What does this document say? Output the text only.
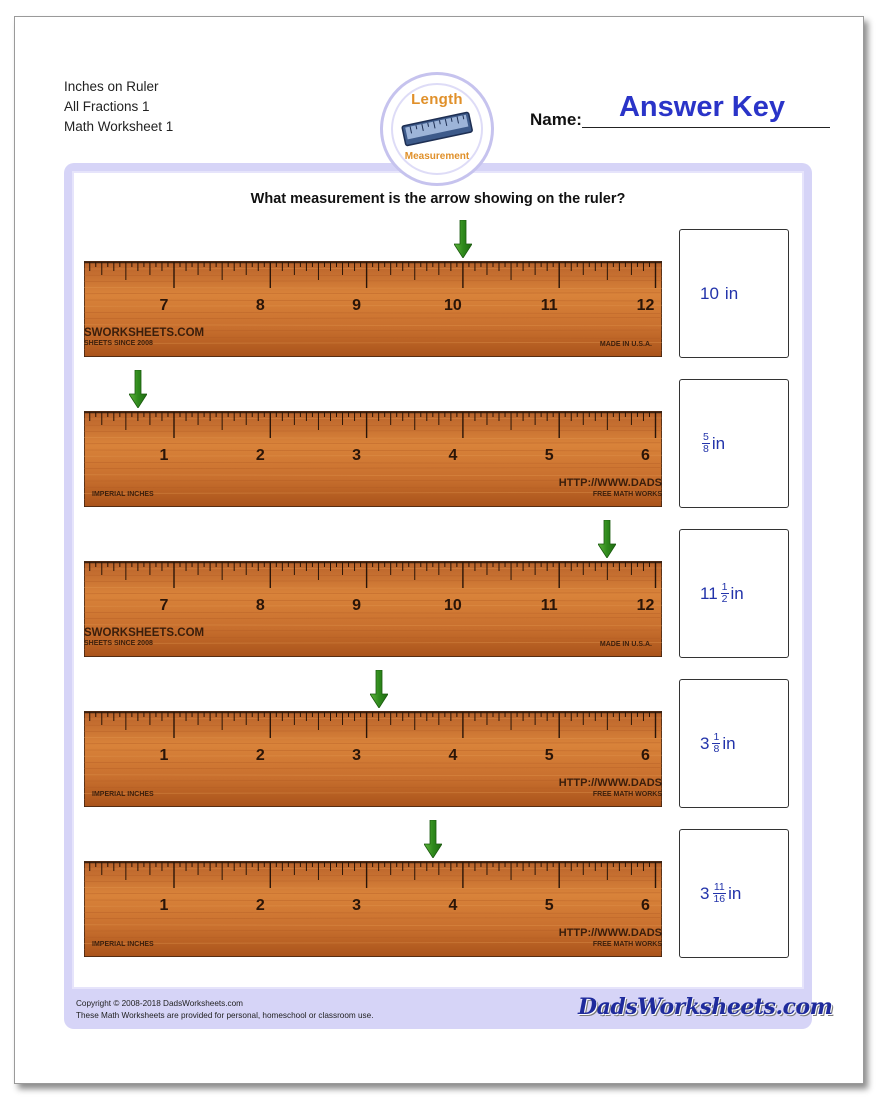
Inches on Ruler
All Fractions 1
Math Worksheet 1
Length
Measurement
Name:	Answer Key
What measurement is the arrow showing on the ruler?
7	8	9	10	11	12
SWORKSHEETS.COM
SHEETS SINCE 2008	MADE IN U.S.A.
10 in
1	2	3	4	5	6
IMPERIAL INCHES
HTTP://WWW.DADS
FREE MATH WORKS
$\frac{5}{8}$ in
7	8	9	10	11	12
SWORKSHEETS.COM
SHEETS SINCE 2008	MADE IN U.S.A.
$11 \frac{1}{2}$ in
1	2	3	4	5	6
IMPERIAL INCHES
HTTP://WWW.DADS
FREE MATH WORKS
$3 \frac{1}{8}$ in
1	2	3	4	5	6
IMPERIAL INCHES
HTTP://WWW.DADS
FREE MATH WORKS
$3 \frac{11}{16}$ in
Copyright © 2008-2018 DadsWorksheets.com
These Math Worksheets are provided for personal, homeschool or classroom use.	DadsWorksheets.com
